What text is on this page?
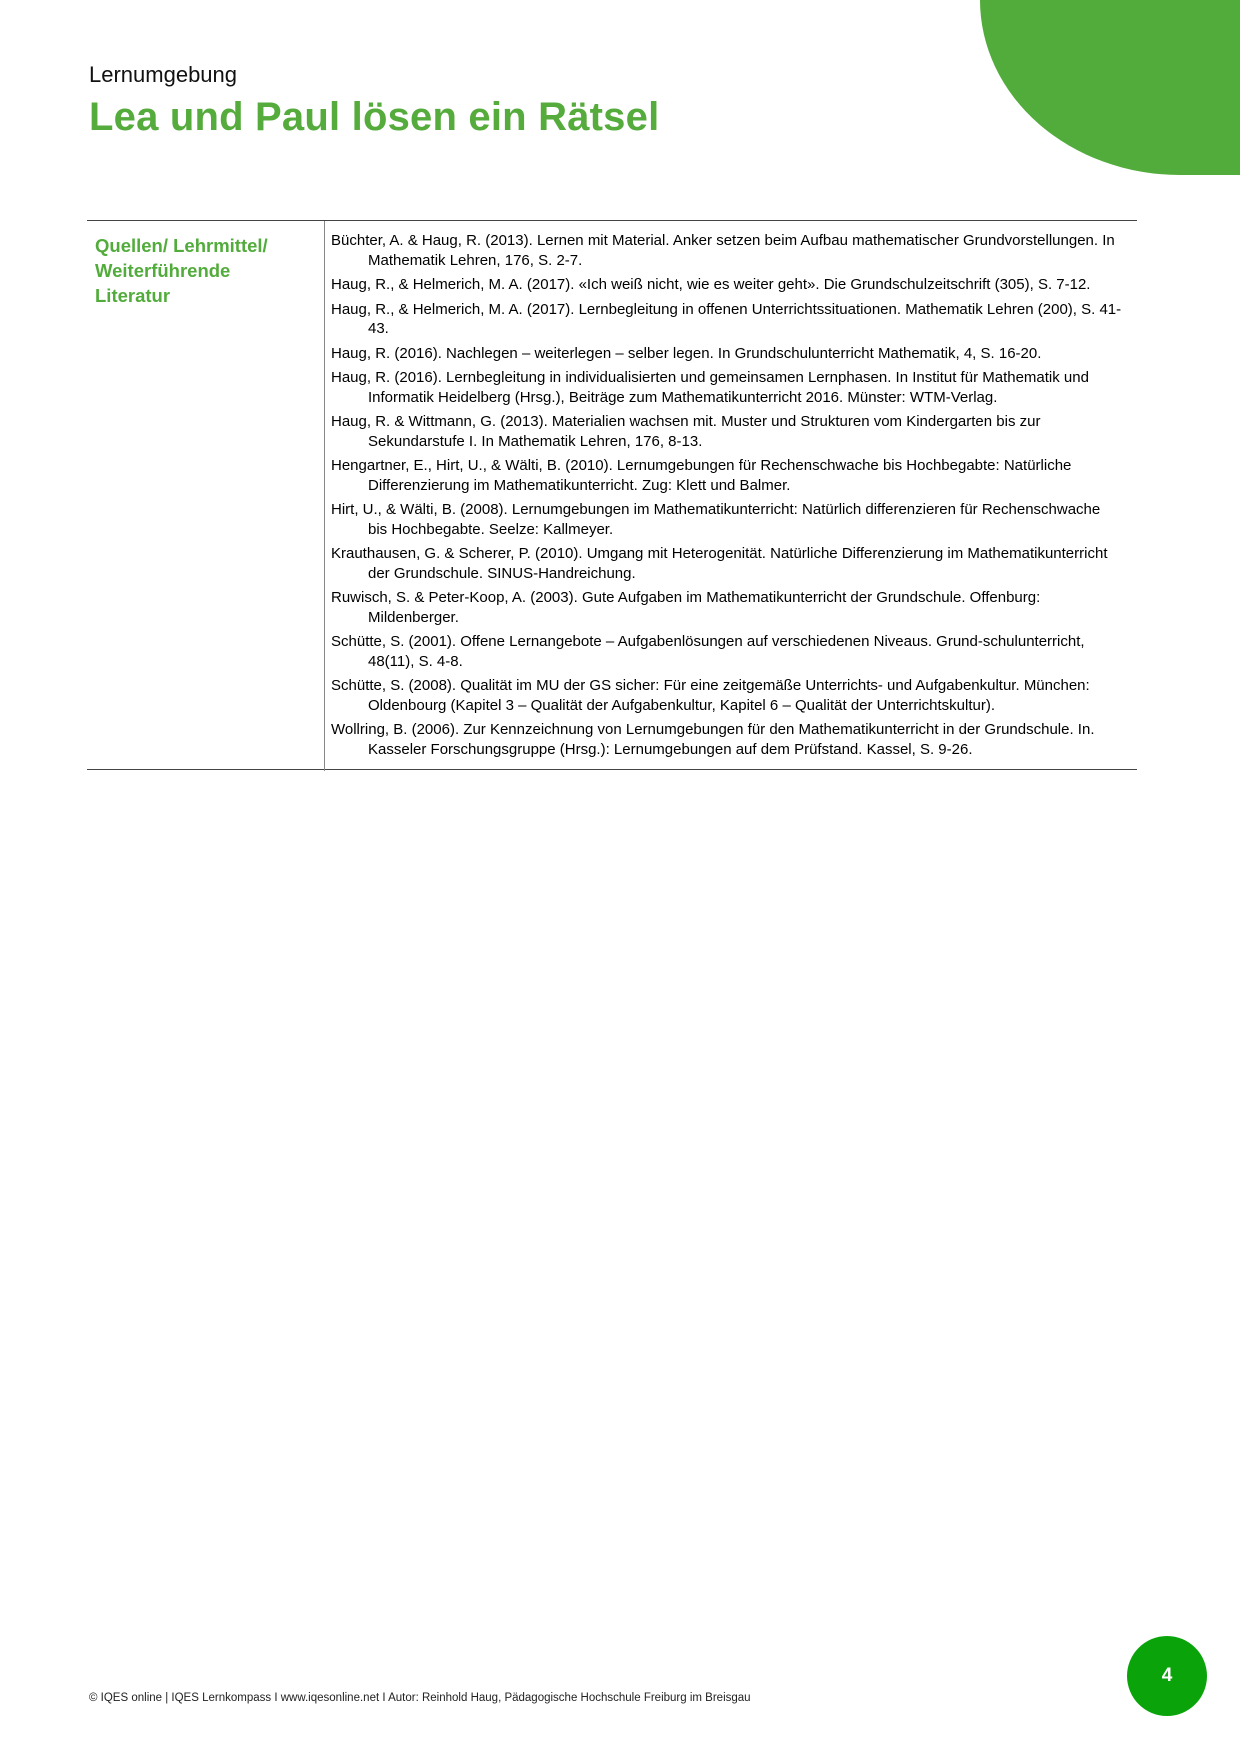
Lernumgebung
Lea und Paul lösen ein Rätsel
Quellen/ Lehrmittel/
Weiterführende
Literatur
Büchter, A. & Haug, R. (2013). Lernen mit Material. Anker setzen beim Aufbau mathematischer Grundvorstellungen. In Mathematik Lehren, 176, S. 2-7.
Haug, R., & Helmerich, M. A. (2017). «Ich weiß nicht, wie es weiter geht». Die Grundschulzeitschrift (305), S. 7-12.
Haug, R., & Helmerich, M. A. (2017). Lernbegleitung in offenen Unterrichtssituationen. Mathematik Lehren (200), S. 41-43.
Haug, R. (2016). Nachlegen – weiterlegen – selber legen. In Grundschulunterricht Mathematik, 4, S. 16-20.
Haug, R. (2016). Lernbegleitung in individualisierten und gemeinsamen Lernphasen. In Institut für Mathematik und Informatik Heidelberg (Hrsg.), Beiträge zum Mathematikunterricht 2016. Münster: WTM-Verlag.
Haug, R. & Wittmann, G. (2013). Materialien wachsen mit. Muster und Strukturen vom Kindergarten bis zur Sekundarstufe I. In Mathematik Lehren, 176, 8-13.
Hengartner, E., Hirt, U., & Wälti, B. (2010). Lernumgebungen für Rechenschwache bis Hochbegabte: Natürliche Differenzierung im Mathematikunterricht. Zug: Klett und Balmer.
Hirt, U., & Wälti, B. (2008). Lernumgebungen im Mathematikunterricht: Natürlich differenzieren für Rechenschwache bis Hochbegabte. Seelze: Kallmeyer.
Krauthausen, G. & Scherer, P. (2010). Umgang mit Heterogenität. Natürliche Differenzierung im Mathematikunterricht der Grundschule. SINUS-Handreichung.
Ruwisch, S. & Peter-Koop, A. (2003). Gute Aufgaben im Mathematikunterricht der Grundschule. Offenburg: Mildenberger.
Schütte, S. (2001). Offene Lernangebote – Aufgabenlösungen auf verschiedenen Niveaus. Grund-schulunterricht, 48(11), S. 4-8.
Schütte, S. (2008). Qualität im MU der GS sicher: Für eine zeitgemäße Unterrichts- und Aufgabenkultur. München: Oldenbourg (Kapitel 3 – Qualität der Aufgabenkultur, Kapitel 6 – Qualität der Unterrichtskultur).
Wollring, B. (2006). Zur Kennzeichnung von Lernumgebungen für den Mathematikunterricht in der Grundschule. In. Kasseler Forschungsgruppe (Hrsg.): Lernumgebungen auf dem Prüfstand. Kassel, S. 9-26.
© IQES online | IQES Lernkompass I www.iqesonline.net I Autor: Reinhold Haug, Pädagogische Hochschule Freiburg im Breisgau
4
